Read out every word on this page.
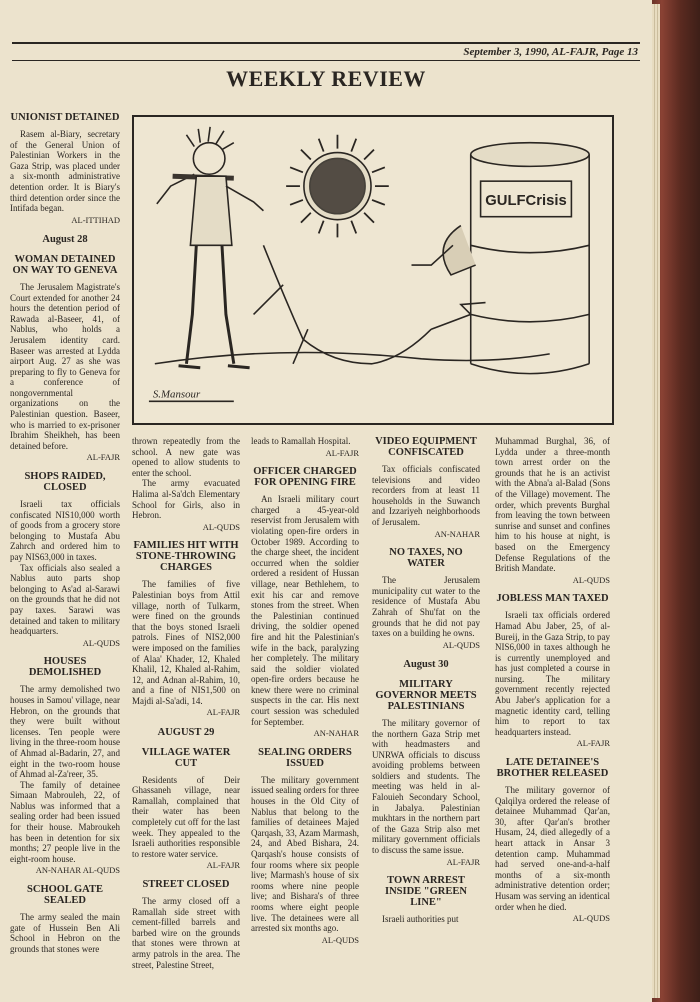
September 3, 1990, AL-FAJR, Page 13
WEEKLY REVIEW
UNIONIST DETAINED

Rasem al-Biary, secretary of the General Union of Palestinian Workers in the Gaza Strip, was placed under a six-month administrative detention order. It is Biary's third detention order since the Intifada began.

AL-ITTIHAD
August 28
WOMAN DETAINED ON WAY TO GENEVA

The Jerusalem Magistrate's Court extended for another 24 hours the detention period of Rawada al-Baseer, 41, of Nablus, who holds a Jerusalem identity card. Baseer was arrested at Lydda airport Aug. 27 as she was preparing to fly to Geneva for a conference of nongovernmental organizations on the Palestinian question. Baseer, who is married to ex-prisoner Ibrahim Sheikheh, has been detained before.

AL-FAJR
SHOPS RAIDED, CLOSED

Israeli tax officials confiscated NIS10,000 worth of goods from a grocery store belonging to Mustafa Abu Zahrch and ordered him to pay NIS63,000 in taxes.

Tax officials also sealed a Nablus auto parts shop belonging to As'ad al-Sarawi on the grounds that he did not pay taxes. Sarawi was detained and taken to military headquarters.

AL-QUDS
HOUSES DEMOLISHED

The army demolished two houses in Samou' village, near Hebron, on the grounds that they were built without licenses. Ten people were living in the three-room house of Ahmad al-Badarin, 27, and eight in the two-room house of Ahmad al-Za'reer, 35.

The family of detainee Simaan Mabrouleh, 22, of Nablus was informed that a sealing order had been issued for their house. Mabroukeh has been in detention for six months; 27 people live in the eight-room house.

AN-NAHAR AL-QUDS
SCHOOL GATE SEALED

The army sealed the main gate of Hussein Ben Ali School in Hebron on the grounds that stones were

GULFCrisis
S.Mansour

thrown repeatedly from the school. A new gate was opened to allow students to enter the school.

The army evacuated Halima al-Sa'dch Elementary School for Girls, also in Hebron.

AL-QUDS
FAMILIES HIT WITH STONE-THROWING CHARGES

The families of five Palestinian boys from Attil village, north of Tulkarm, were fined on the grounds that the boys stoned Israeli patrols. Fines of NIS2,000 were imposed on the families of Alaa' Khader, 12, Khaled Khalil, 12, Khaled al-Rahim, 12, and Adnan al-Rahim, 10, and a fine of NIS1,500 on Majdi al-Sa'adi, 14.

AL-FAJR
AUGUST 29
VILLAGE WATER CUT

Residents of Deir Ghassaneh village, near Ramallah, complained that their water has been completely cut off for the last week. They appealed to the Israeli authorities responsible to restore water service.

AL-FAJR
STREET CLOSED

The army closed off a Ramallah side street with cement-filled barrels and barbed wire on the grounds that stones were thrown at army patrols in the area. The street, Palestine Street,

leads to Ramallah Hospital.

AL-FAJR
OFFICER CHARGED FOR OPENING FIRE

An Israeli military court charged a 45-year-old reservist from Jerusalem with violating open-fire orders in October 1989. According to the charge sheet, the incident occurred when the soldier ordered a resident of Hussan village, near Bethlehem, to exit his car and remove stones from the street. When the Palestinian continued driving, the soldier opened fire and hit the Palestinian's wife in the back, paralyzing her completely. The military said the soldier violated open-fire orders because he knew there were no criminal suspects in the car. His next court session was scheduled for September.

AN-NAHAR
SEALING ORDERS ISSUED

The military government issued sealing orders for three houses in the Old City of Nablus that belong to the families of detainees Majed Qarqash, 33, Azam Marmash, 24, and Abed Bishara, 24. Qarqash's house consists of four rooms where six people live; Marmash's house of six rooms where nine people live; and Bishara's of three rooms where eight people live. The detainees were all arrested six months ago.

AL-QUDS
VIDEO EQUIPMENT CONFISCATED

Tax officials confiscated televisions and video recorders from at least 11 households in the Suwanch and Izzariyeh neighborhoods of Jerusalem.

AN-NAHAR
NO TAXES, NO WATER

The Jerusalem municipality cut water to the residence of Mustafa Abu Zahrah of Shu'fat on the grounds that he did not pay taxes on a building he owns.

AL-QUDS
August 30
MILITARY GOVERNOR MEETS PALESTINIANS

The military governor of the northern Gaza Strip met with headmasters and UNRWA officials to discuss avoiding problems between soldiers and students. The meeting was held in al-Falouieh Secondary School, in Jabalya. Palestinian mukhtars in the northern part of the Gaza Strip also met military government officials to discuss the same issue.

AL-FAJR
TOWN ARREST INSIDE "GREEN LINE"

Israeli authorities put

Muhammad Burghal, 36, of Lydda under a three-month town arrest order on the grounds that he is an activist with the Abna'a al-Balad (Sons of the Village) movement. The order, which prevents Burghal from leaving the town between sunrise and sunset and confines him to his house at night, is based on the Emergency Defense Regulations of the British Mandate.

AL-QUDS
JOBLESS MAN TAXED

Israeli tax officials ordered Hamad Abu Jaber, 25, of al-Bureij, in the Gaza Strip, to pay NIS6,000 in taxes although he is currently unemployed and has just completed a course in nursing. The military government recently rejected Abu Jaber's application for a magnetic identity card, telling him to report to tax headquarters instead.

AL-FAJR
LATE DETAINEE'S BROTHER RELEASED

The military governor of Qalqilya ordered the release of detainee Muhammad Qar'an, 30, after Qar'an's brother Husam, 24, died allegedly of a heart attack in Ansar 3 detention camp. Muhammad had served one-and-a-half months of a six-month administrative detention order; Husam was serving an identical order when he died.

AL-QUDS
